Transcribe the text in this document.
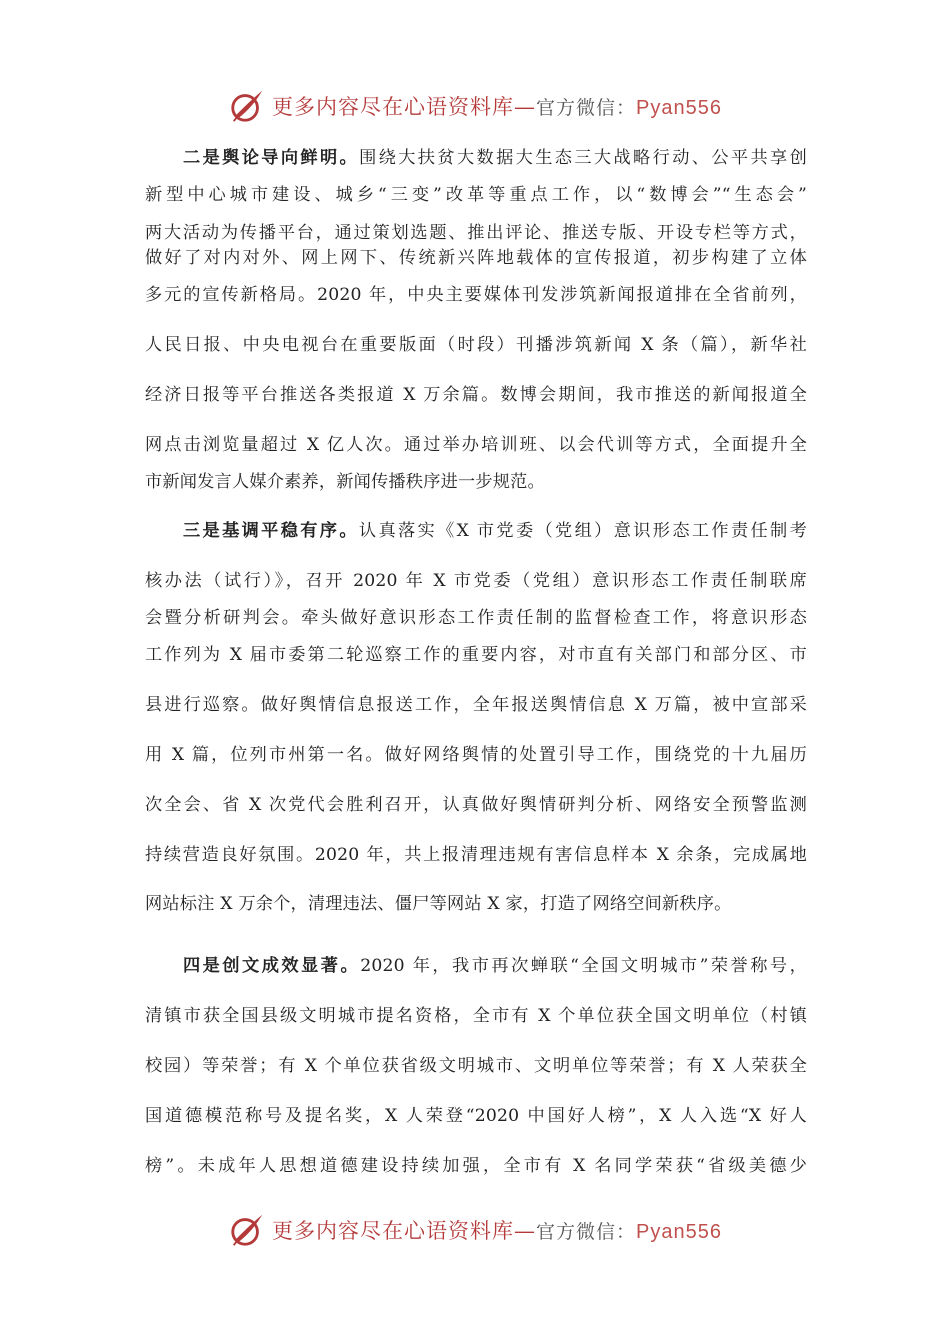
更多内容尽在心语资料库—官方微信：Pyan556
二是舆论导向鲜明。围绕大扶贫大数据大生态三大战略行动、公平共享创
新型中心城市建设、城乡“三变”改革等重点工作，以“数博会”“生态会”
两大活动为传播平台，通过策划选题、推出评论、推送专版、开设专栏等方式，
做好了对内对外、网上网下、传统新兴阵地载体的宣传报道，初步构建了立体
多元的宣传新格局。2020 年，中央主要媒体刊发涉筑新闻报道排在全省前列，
人民日报、中央电视台在重要版面（时段）刊播涉筑新闻 X 条（篇），新华社
经济日报等平台推送各类报道 X 万余篇。数博会期间，我市推送的新闻报道全
网点击浏览量超过 X 亿人次。通过举办培训班、以会代训等方式，全面提升全
市新闻发言人媒介素养，新闻传播秩序进一步规范。
三是基调平稳有序。认真落实《X 市党委（党组）意识形态工作责任制考
核办法（试行）》，召开 2020 年 X 市党委（党组）意识形态工作责任制联席
会暨分析研判会。牵头做好意识形态工作责任制的监督检查工作，将意识形态
工作列为 X 届市委第二轮巡察工作的重要内容，对市直有关部门和部分区、市
县进行巡察。做好舆情信息报送工作，全年报送舆情信息 X 万篇，被中宣部采
用 X 篇，位列市州第一名。做好网络舆情的处置引导工作，围绕党的十九届历
次全会、省 X 次党代会胜利召开，认真做好舆情研判分析、网络安全预警监测
持续营造良好氛围。2020 年，共上报清理违规有害信息样本 X 余条，完成属地
网站标注 X 万余个，清理违法、僵尸等网站 X 家，打造了网络空间新秩序。
四是创文成效显著。2020 年，我市再次蝉联“全国文明城市”荣誉称号，
清镇市获全国县级文明城市提名资格，全市有 X 个单位获全国文明单位（村镇
校园）等荣誉；有 X 个单位获省级文明城市、文明单位等荣誉；有 X 人荣获全
国道德模范称号及提名奖，X 人荣登“2020 中国好人榜”，X 人入选“X 好人
榜”。未成年人思想道德建设持续加强，全市有 X 名同学荣获“省级美德少
更多内容尽在心语资料库—官方微信：Pyan556
